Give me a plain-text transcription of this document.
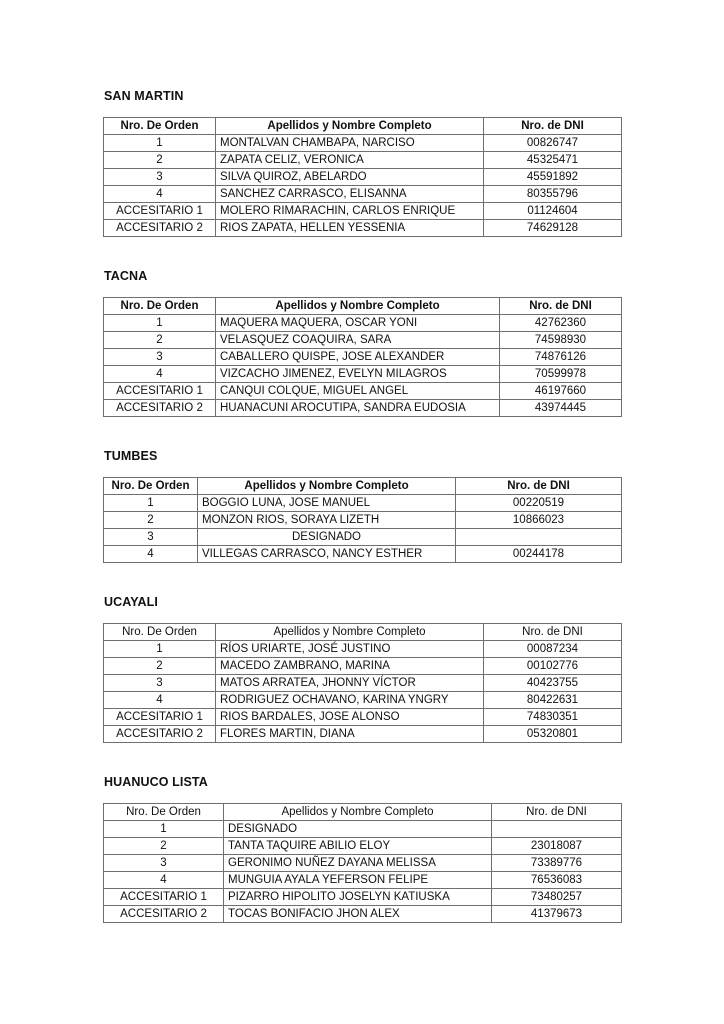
SAN MARTIN
Nro. De Orden	Apellidos y Nombre Completo	Nro. de DNI
1	MONTALVAN CHAMBAPA, NARCISO	00826747
2	ZAPATA CELIZ, VERONICA	45325471
3	SILVA QUIROZ, ABELARDO	45591892
4	SANCHEZ CARRASCO, ELISANNA	80355796
ACCESITARIO 1	MOLERO RIMARACHIN, CARLOS ENRIQUE	01124604
ACCESITARIO 2	RIOS ZAPATA, HELLEN YESSENIA	74629128
TACNA
Nro. De Orden	Apellidos y Nombre Completo	Nro. de DNI
1	MAQUERA MAQUERA, OSCAR YONI	42762360
2	VELASQUEZ COAQUIRA, SARA	74598930
3	CABALLERO QUISPE, JOSE ALEXANDER	74876126
4	VIZCACHO JIMENEZ, EVELYN MILAGROS	70599978
ACCESITARIO 1	CANQUI COLQUE, MIGUEL ANGEL	46197660
ACCESITARIO 2	HUANACUNI AROCUTIPA, SANDRA EUDOSIA	43974445
TUMBES
Nro. De Orden	Apellidos y Nombre Completo	Nro. de DNI
1	BOGGIO LUNA, JOSE MANUEL	00220519
2	MONZON RIOS, SORAYA LIZETH	10866023
3	DESIGNADO	
4	VILLEGAS CARRASCO, NANCY ESTHER	00244178
UCAYALI
Nro. De Orden	Apellidos y Nombre Completo	Nro. de DNI
1	RÍOS URIARTE, JOSÉ JUSTINO	00087234
2	MACEDO ZAMBRANO, MARINA	00102776
3	MATOS ARRATEA, JHONNY VÍCTOR	40423755
4	RODRIGUEZ OCHAVANO, KARINA YNGRY	80422631
ACCESITARIO 1	RIOS BARDALES, JOSE ALONSO	74830351
ACCESITARIO 2	FLORES MARTIN, DIANA	05320801
HUANUCO LISTA
Nro. De Orden	Apellidos y Nombre Completo	Nro. de DNI
1	DESIGNADO	
2	TANTA TAQUIRE ABILIO ELOY	23018087
3	GERONIMO NUÑEZ DAYANA MELISSA	73389776
4	MUNGUIA AYALA YEFERSON FELIPE	76536083
ACCESITARIO 1	PIZARRO HIPOLITO JOSELYN KATIUSKA	73480257
ACCESITARIO 2	TOCAS BONIFACIO JHON ALEX	41379673
